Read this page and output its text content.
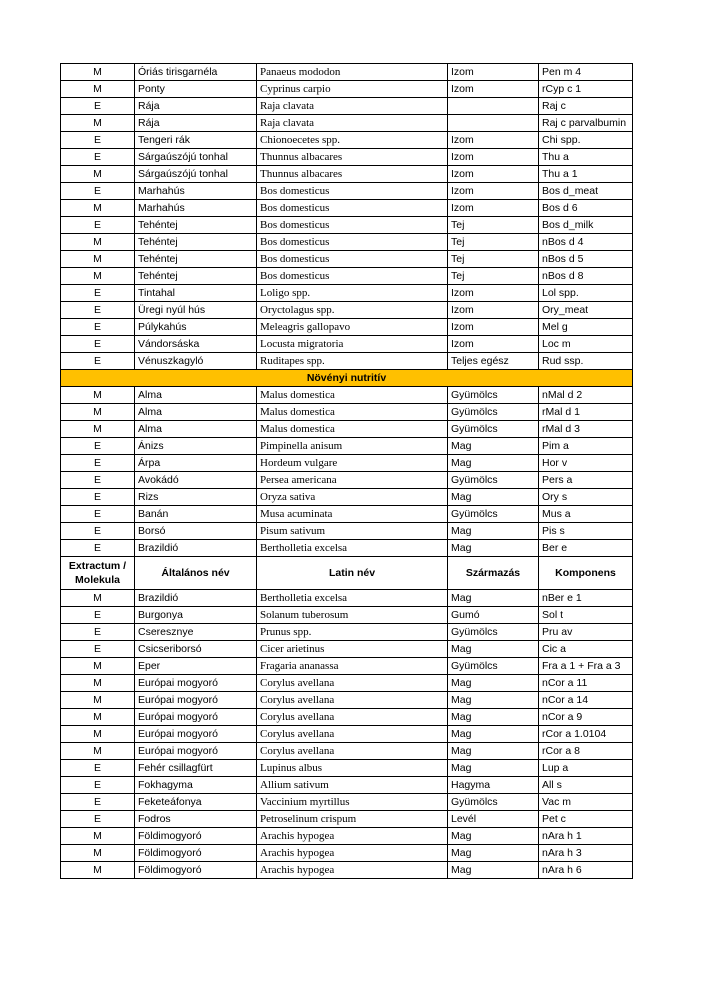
M	Óriás tirisgarnéla	Panaeus mododon	Izom	Pen m 4
M	Ponty	Cyprinus carpio	Izom	rCyp c 1
E	Rája	Raja clavata		Raj c
M	Rája	Raja clavata		Raj c parvalbumin
E	Tengeri rák	Chionoecetes spp.	Izom	Chi spp.
E	Sárgaúszójú tonhal	Thunnus albacares	Izom	Thu a
M	Sárgaúszójú tonhal	Thunnus albacares	Izom	Thu a 1
E	Marhahús	Bos domesticus	Izom	Bos d_meat
M	Marhahús	Bos domesticus	Izom	Bos d 6
E	Tehéntej	Bos domesticus	Tej	Bos d_milk
M	Tehéntej	Bos domesticus	Tej	nBos d 4
M	Tehéntej	Bos domesticus	Tej	nBos d 5
M	Tehéntej	Bos domesticus	Tej	nBos d 8
E	Tintahal	Loligo spp.	Izom	Lol spp.
E	Üregi nyúl hús	Oryctolagus spp.	Izom	Ory_meat
E	Púlykahús	Meleagris gallopavo	Izom	Mel g
E	Vándorsáska	Locusta migratoria	Izom	Loc m
E	Vénuszkagyló	Ruditapes spp.	Teljes egész	Rud ssp.
Növényi nutritív				
M	Alma	Malus domestica	Gyümölcs	nMal d 2
M	Alma	Malus domestica	Gyümölcs	rMal d 1
M	Alma	Malus domestica	Gyümölcs	rMal d 3
E	Ánizs	Pimpinella anisum	Mag	Pim a
E	Árpa	Hordeum vulgare	Mag	Hor v
E	Avokádó	Persea americana	Gyümölcs	Pers a
E	Rizs	Oryza sativa	Mag	Ory s
E	Banán	Musa acuminata	Gyümölcs	Mus a
E	Borsó	Pisum sativum	Mag	Pis s
E	Brazildió	Bertholletia excelsa	Mag	Ber e
Extractum /
Molekula	Általános név	Latin név	Származás	Komponens
M	Brazildió	Bertholletia excelsa	Mag	nBer e 1
E	Burgonya	Solanum tuberosum	Gumó	Sol t
E	Cseresznye	Prunus spp.	Gyümölcs	Pru av
E	Csicseriborsó	Cicer arietinus	Mag	Cic a
M	Eper	Fragaria ananassa	Gyümölcs	Fra a 1 + Fra a 3
M	Európai mogyoró	Corylus avellana	Mag	nCor a 11
M	Európai mogyoró	Corylus avellana	Mag	nCor a 14
M	Európai mogyoró	Corylus avellana	Mag	nCor a 9
M	Európai mogyoró	Corylus avellana	Mag	rCor a 1.0104
M	Európai mogyoró	Corylus avellana	Mag	rCor a 8
E	Fehér csillagfürt	Lupinus albus	Mag	Lup a
E	Fokhagyma	Allium sativum	Hagyma	All s
E	Feketeáfonya	Vaccinium myrtillus	Gyümölcs	Vac m
E	Fodros	Petroselinum crispum	Levél	Pet c
M	Földimogyoró	Arachis hypogea	Mag	nAra h 1
M	Földimogyoró	Arachis hypogea	Mag	nAra h 3
M	Földimogyoró	Arachis hypogea	Mag	nAra h 6
